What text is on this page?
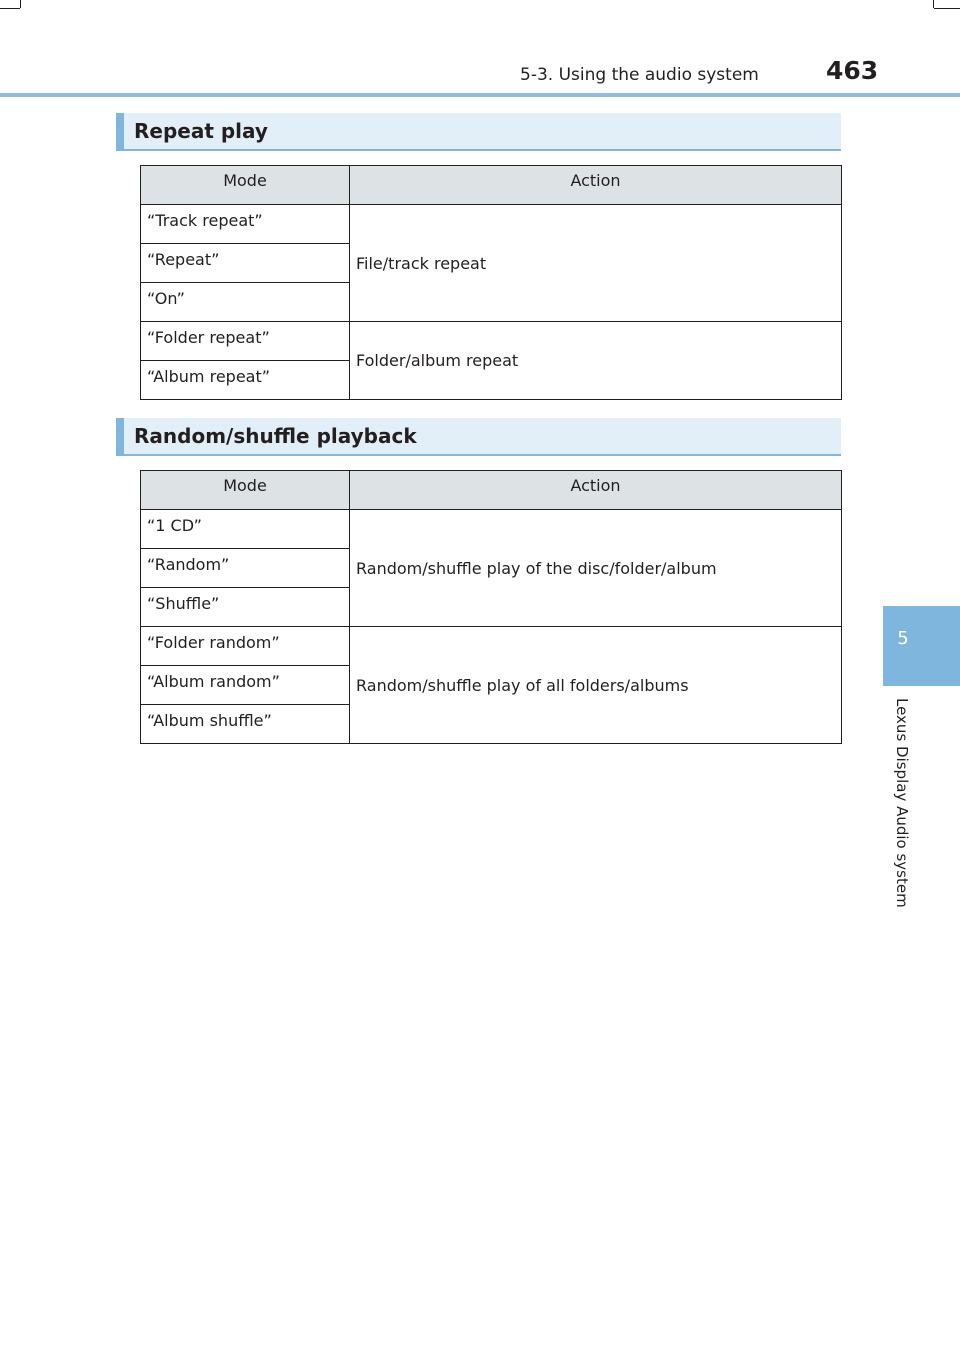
5-3. Using the audio system	463
5
Lexus Display Audio system
Repeat play
Mode	Action
“Track repeat”	File/track repeat
“Repeat”	
“On”	
“Folder repeat”	Folder/album repeat
“Album repeat”	
Random/shuffle playback
Mode	Action
“1 CD”	Random/shuffle play of the disc/folder/album
“Random”	
“Shuffle”	
“Folder random”	Random/shuffle play of all folders/albums
“Album random”	
“Album shuffle”	
